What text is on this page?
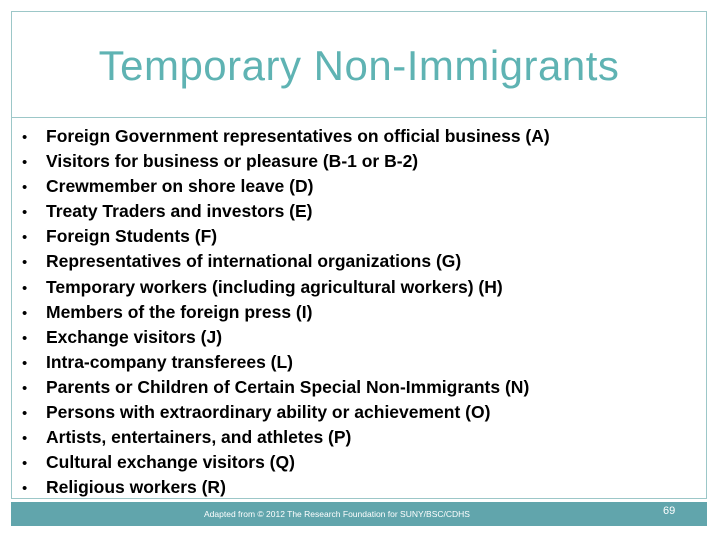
Temporary Non-Immigrants
•	Foreign Government representatives on official business (A)
•	Visitors for business or pleasure (B-1 or B-2)
•	Crewmember on shore leave (D)
•	Treaty Traders and investors (E)
•	Foreign Students (F)
•	Representatives of international organizations (G)
•	Temporary workers (including agricultural workers) (H)
•	Members of the foreign press (I)
•	Exchange visitors (J)
•	Intra-company transferees (L)
•	Parents or Children of Certain Special Non-Immigrants (N)
•	Persons with extraordinary ability or achievement (O)
•	Artists, entertainers, and athletes (P)
•	Cultural exchange visitors (Q)
•	Religious workers (R)
Adapted from © 2012 The Research Foundation for SUNY/BSC/CDHS	69
